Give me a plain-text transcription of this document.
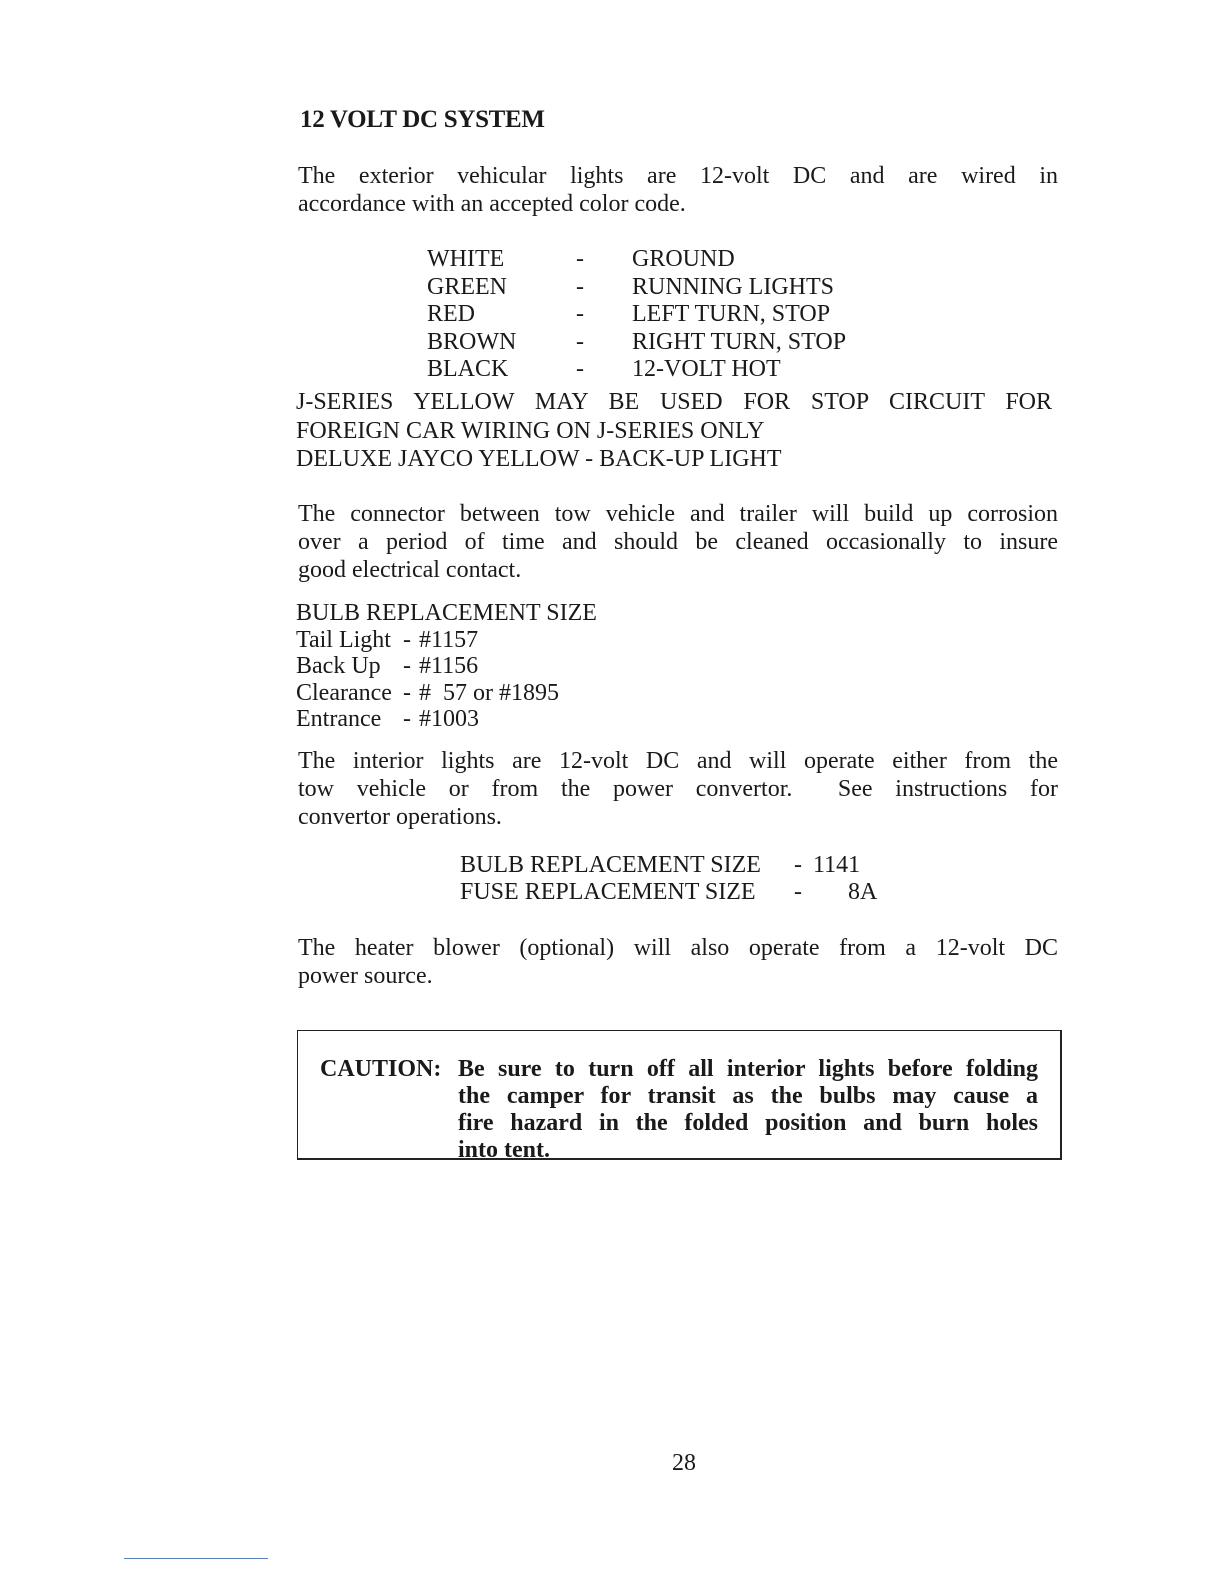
12 VOLT DC SYSTEM
The exterior vehicular lights are 12-volt DC and are wired in
accordance with an accepted color code.
WHITE	- GROUND
GREEN	- RUNNING LIGHTS
RED	- LEFT TURN, STOP
BROWN - RIGHT TURN, STOP
BLACK	- 12-VOLT HOT
J-SERIES YELLOW MAY BE USED FOR STOP CIRCUIT FOR
FOREIGN CAR WIRING ON J-SERIES ONLY
DELUXE JAYCO YELLOW - BACK-UP LIGHT
The connector between tow vehicle and trailer will build up corrosion
over a period of time and should be cleaned occasionally to insure
good electrical contact.
BULB REPLACEMENT SIZE
Tail Light - #1157
Back Up - #1156
Clearance - #  57 or #1895
Entrance - #1003
The interior lights are 12-volt DC and will operate either from the
tow vehicle or from the power convertor.  See instructions for
convertor operations.
BULB REPLACEMENT SIZE - 1141
FUSE REPLACEMENT SIZE - 8A
The heater blower (optional) will also operate from a 12-volt DC
power source.
CAUTION: Be sure to turn off all interior lights before folding
the camper for transit as the bulbs may cause a
fire hazard in the folded position and burn holes
into tent.
28
